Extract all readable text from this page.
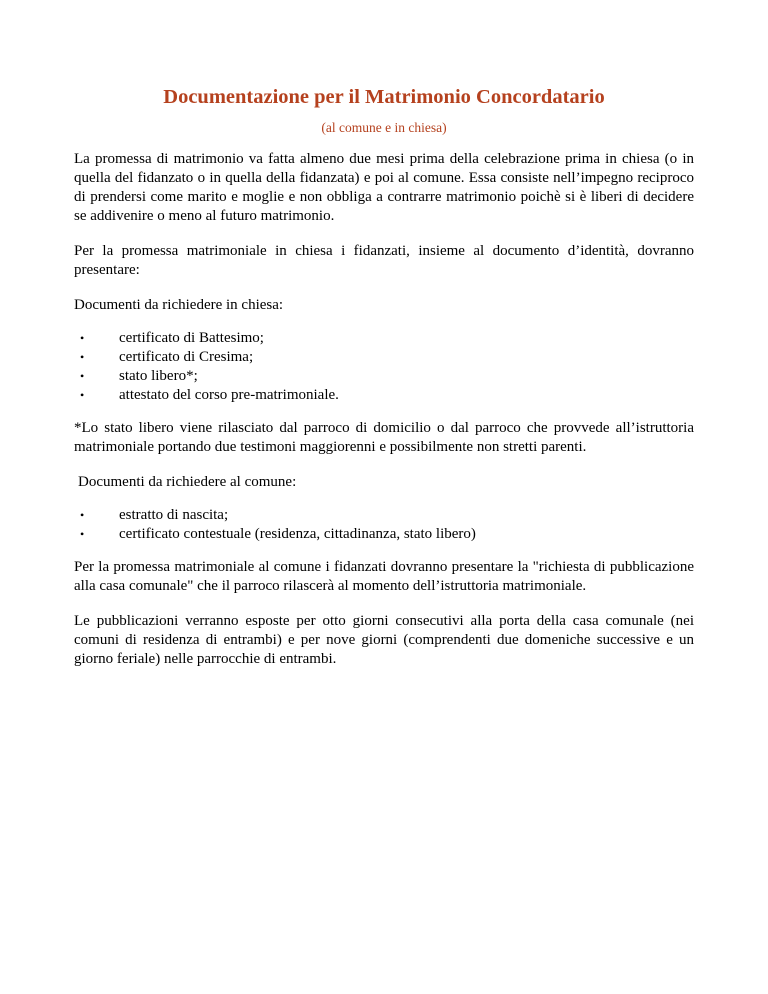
Documentazione per il Matrimonio Concordatario
(al comune e in chiesa)

La promessa di matrimonio va fatta almeno due mesi prima della celebrazione prima in chiesa (o in quella del fidanzato o in quella della fidanzata) e poi al comune. Essa consiste nell’impegno reciproco di prendersi come marito e moglie e non obbliga a contrarre matrimonio poichè si è liberi di decidere se addivenire o meno al futuro matrimonio.

Per la promessa matrimoniale in chiesa i fidanzati, insieme al documento d’identità, dovranno presentare:

Documenti da richiedere in chiesa:

• certificato di Battesimo;
• certificato di Cresima;
• stato libero*;
• attestato del corso pre-matrimoniale.

*Lo stato libero viene rilasciato dal parroco di domicilio o dal parroco che provvede all’istruttoria matrimoniale portando due testimoni maggiorenni e possibilmente non stretti parenti.

Documenti da richiedere al comune:

• estratto di nascita;
• certificato contestuale (residenza, cittadinanza, stato libero)

Per la promessa matrimoniale al comune i fidanzati dovranno presentare la "richiesta di pubblicazione alla casa comunale" che il parroco rilascerà al momento dell’istruttoria matrimoniale.

Le pubblicazioni verranno esposte per otto giorni consecutivi alla porta della casa comunale (nei comuni di residenza di entrambi) e per nove giorni (comprendenti due domeniche successive e un giorno feriale) nelle parrocchie di entrambi.
